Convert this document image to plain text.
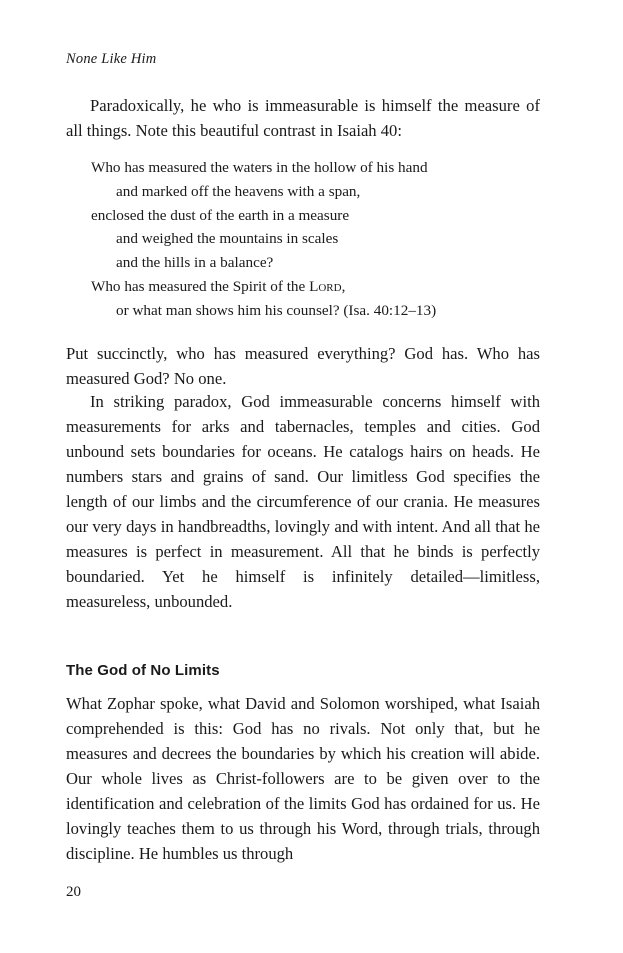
None Like Him

Paradoxically, he who is immeasurable is himself the measure of all things. Note this beautiful contrast in Isaiah 40:

Who has measured the waters in the hollow of his hand
and marked off the heavens with a span,
enclosed the dust of the earth in a measure
and weighed the mountains in scales
and the hills in a balance?
Who has measured the Spirit of the Lord,
or what man shows him his counsel? (Isa. 40:12–13)

Put succinctly, who has measured everything? God has. Who has measured God? No one.

In striking paradox, God immeasurable concerns himself with measurements for arks and tabernacles, temples and cities. God unbound sets boundaries for oceans. He catalogs hairs on heads. He numbers stars and grains of sand. Our limitless God specifies the length of our limbs and the circumference of our crania. He measures our very days in handbreadths, lovingly and with intent. And all that he measures is perfect in measurement. All that he binds is perfectly boundaried. Yet he himself is infinitely detailed—limitless, measureless, unbounded.

The God of No Limits

What Zophar spoke, what David and Solomon worshiped, what Isaiah comprehended is this: God has no rivals. Not only that, but he measures and decrees the boundaries by which his creation will abide. Our whole lives as Christ-followers are to be given over to the identification and celebration of the limits God has ordained for us. He lovingly teaches them to us through his Word, through trials, through discipline. He humbles us through

20
